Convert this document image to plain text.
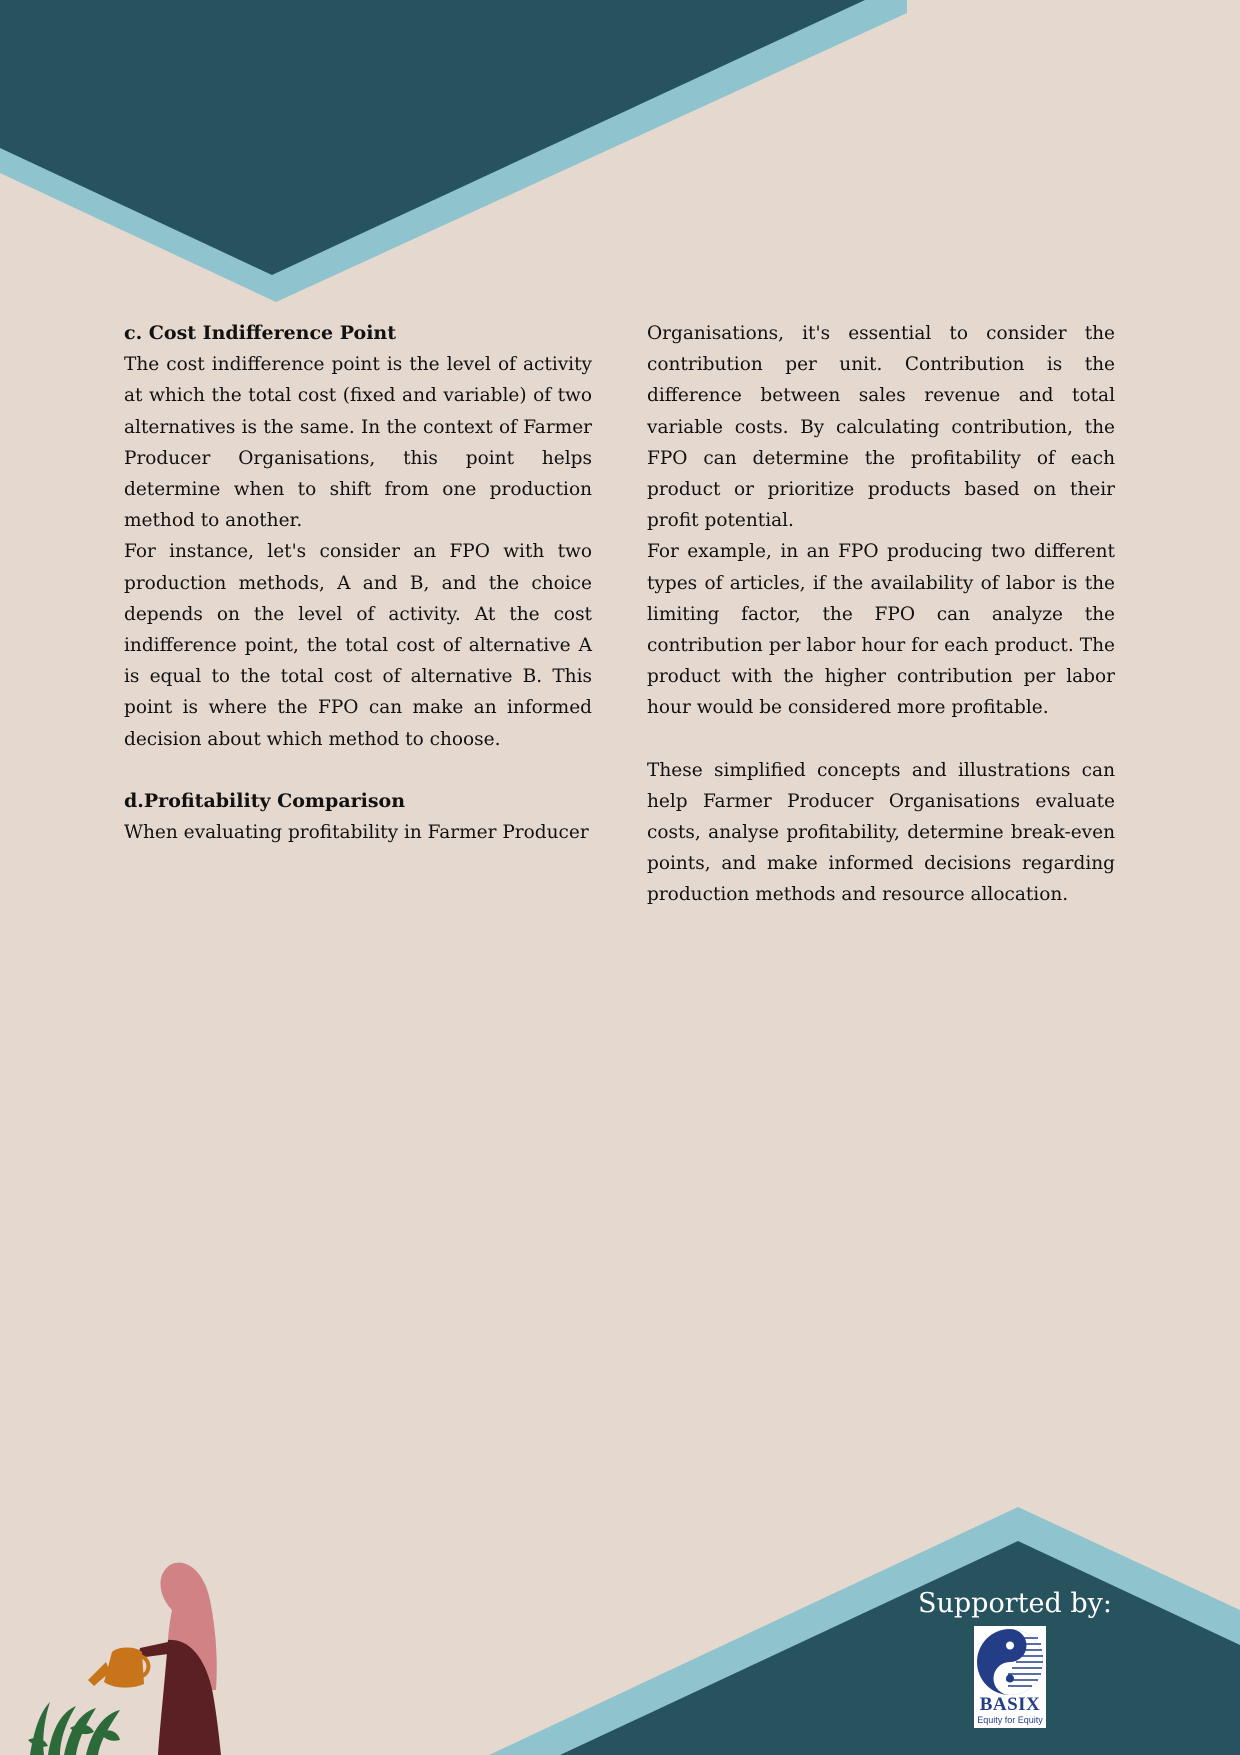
c. Cost Indifference Point

The cost indifference point is the level of activity at which the total cost (fixed and variable) of two alternatives is the same. In the context of Farmer Producer Organisations, this point helps determine when to shift from one production method to another.

For instance, let's consider an FPO with two production methods, A and B, and the choice depends on the level of activity. At the cost indifference point, the total cost of alternative A is equal to the total cost of alternative B. This point is where the FPO can make an informed decision about which method to choose.

d.Profitability Comparison

When evaluating profitability in Farmer Producer

Organisations, it's essential to consider the contribution per unit. Contribution is the difference between sales revenue and total variable costs. By calculating contribution, the FPO can determine the profitability of each product or prioritize products based on their profit potential.

For example, in an FPO producing two different types of articles, if the availability of labor is the limiting factor, the FPO can analyze the contribution per labor hour for each product. The product with the higher contribution per labor hour would be considered more profitable.

These simplified concepts and illustrations can help Farmer Producer Organisations evaluate costs, analyse profitability, determine break-even points, and make informed decisions regarding production methods and resource allocation.

Supported by:
BASIX
Equity for Equity
